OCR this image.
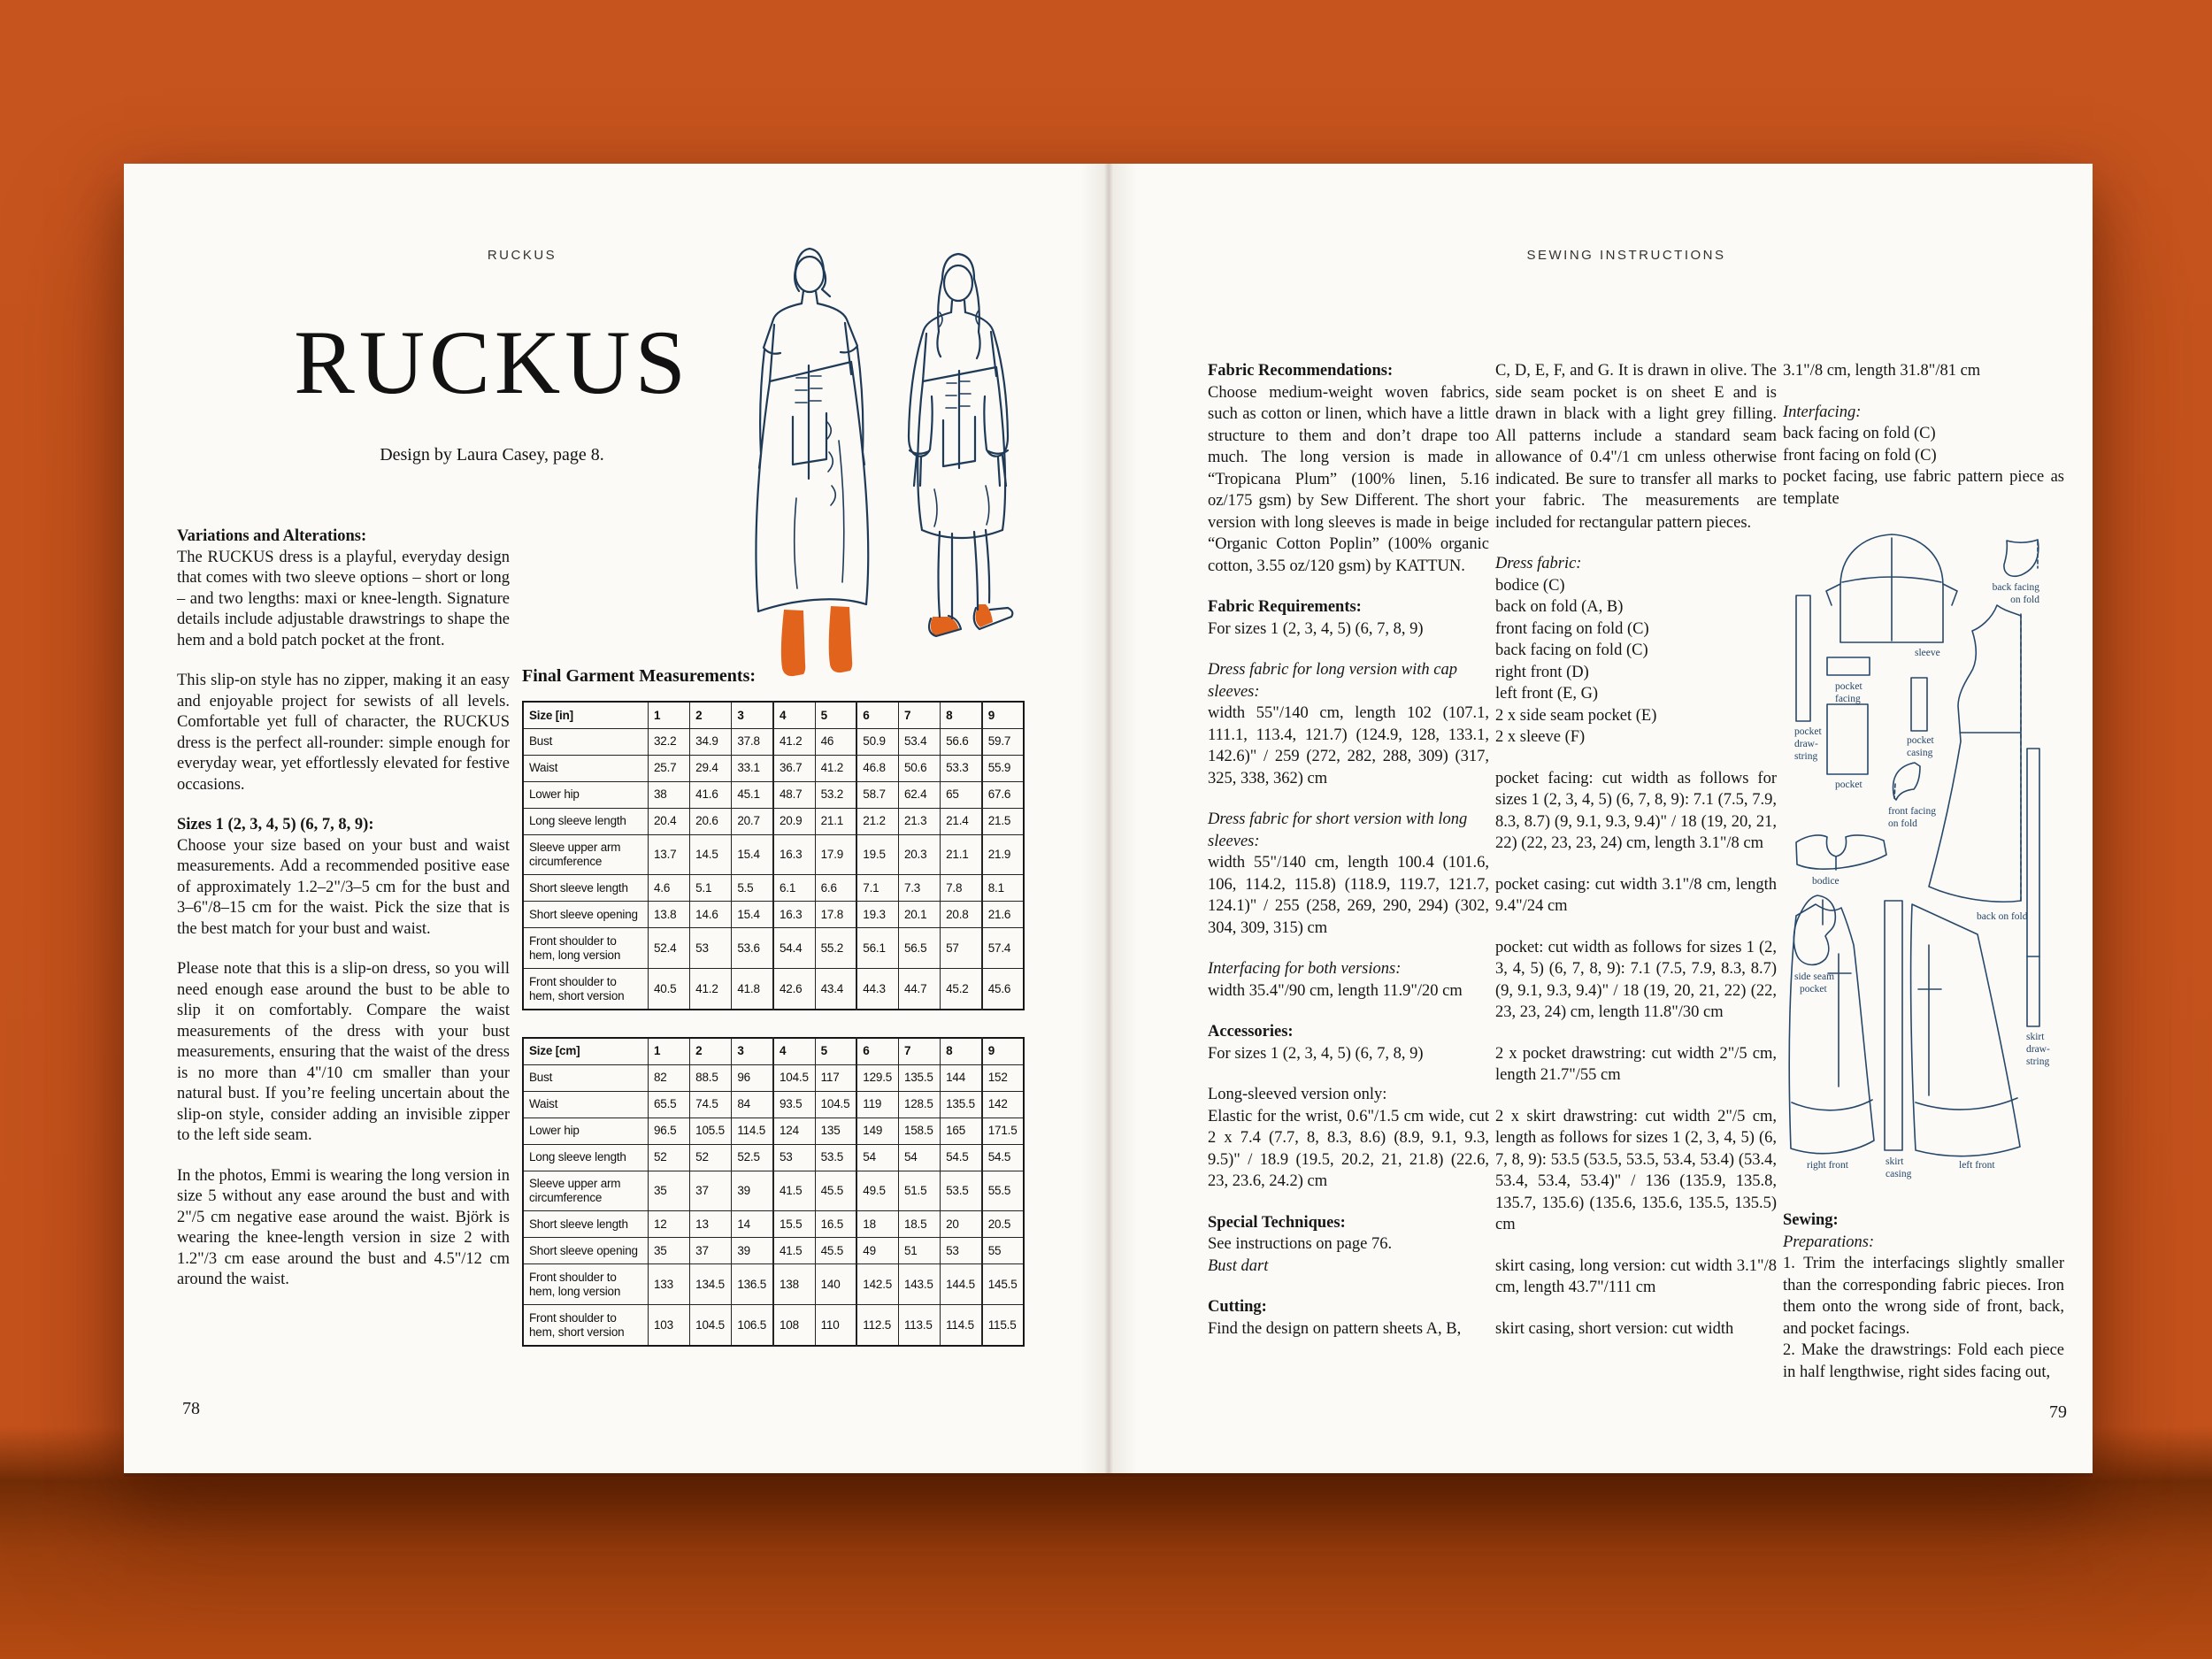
RUCKUS
RUCKUS
Design by Laura Casey, page 8.

Variations and Alterations:

The RUCKUS dress is a playful, everyday design that comes with two sleeve options – short or long – and two lengths: maxi or knee-length. Signature details include adjustable drawstrings to shape the hem and a bold patch pocket at the front.

This slip-on style has no zipper, making it an easy and enjoyable project for sewists of all levels. Comfortable yet full of character, the RUCKUS dress is the perfect all-rounder: simple enough for everyday wear, yet effortlessly elevated for festive occasions.

Sizes 1 (2, 3, 4, 5) (6, 7, 8, 9):

Choose your size based on your bust and waist measurements. Add a recommended positive ease of approximately 1.2–2"/3–5 cm for the bust and 3–6"/8–15 cm for the waist. Pick the size that is the best match for your bust and waist.

Please note that this is a slip-on dress, so you will need enough ease around the bust to be able to slip it on comfortably. Compare the waist measurements of the dress with your bust measurements, ensuring that the waist of the dress is no more than 4"/10 cm smaller than your natural bust. If you’re feeling uncertain about the slip-on style, consider adding an invisible zipper to the left side seam.

In the photos, Emmi is wearing the long version in size 5 without any ease around the bust and with 2"/5 cm negative ease around the waist. Björk is wearing the knee-length version in size 2 with 1.2"/3 cm ease around the bust and 4.5"/12 cm around the waist.

Final Garment Measurements:
Size [in]	1	2	3	4	5	6	7	8	9
Bust	32.2	34.9	37.8	41.2	46	50.9	53.4	56.6	59.7
Waist	25.7	29.4	33.1	36.7	41.2	46.8	50.6	53.3	55.9
Lower hip	38	41.6	45.1	48.7	53.2	58.7	62.4	65	67.6
Long sleeve length	20.4	20.6	20.7	20.9	21.1	21.2	21.3	21.4	21.5
Sleeve upper arm circumference	13.7	14.5	15.4	16.3	17.9	19.5	20.3	21.1	21.9
Short sleeve length	4.6	5.1	5.5	6.1	6.6	7.1	7.3	7.8	8.1
Short sleeve opening	13.8	14.6	15.4	16.3	17.8	19.3	20.1	20.8	21.6
Front shoulder to hem, long version	52.4	53	53.6	54.4	55.2	56.1	56.5	57	57.4
Front shoulder to hem, short version	40.5	41.2	41.8	42.6	43.4	44.3	44.7	45.2	45.6
Size [cm]	1	2	3	4	5	6	7	8	9
Bust	82	88.5	96	104.5	117	129.5	135.5	144	152
Waist	65.5	74.5	84	93.5	104.5	119	128.5	135.5	142
Lower hip	96.5	105.5	114.5	124	135	149	158.5	165	171.5
Long sleeve length	52	52	52.5	53	53.5	54	54	54.5	54.5
Sleeve upper arm circumference	35	37	39	41.5	45.5	49.5	51.5	53.5	55.5
Short sleeve length	12	13	14	15.5	16.5	18	18.5	20	20.5
Short sleeve opening	35	37	39	41.5	45.5	49	51	53	55
Front shoulder to hem, long version	133	134.5	136.5	138	140	142.5	143.5	144.5	145.5
Front shoulder to hem, short version	103	104.5	106.5	108	110	112.5	113.5	114.5	115.5
78
SEWING INSTRUCTIONS

Fabric Recommendations:

Choose medium-weight woven fabrics, such as cotton or linen, which have a little structure to them and don’t drape too much. The long version is made in “Tropicana Plum” (100% linen, 5.16 oz/175 gsm) by Sew Different. The short version with long sleeves is made in beige “Organic Cotton Poplin” (100% organic cotton, 3.55 oz/120 gsm) by KATTUN.

Fabric Requirements:

For sizes 1 (2, 3, 4, 5) (6, 7, 8, 9)

Dress fabric for long version with cap sleeves:

width 55"/140 cm, length 102 (107.1, 111.1, 113.4, 121.7) (124.9, 128, 133.1, 142.6)" / 259 (272, 282, 288, 309) (317, 325, 338, 362) cm

Dress fabric for short version with long sleeves:

width 55"/140 cm, length 100.4 (101.6, 106, 114.2, 115.8) (118.9, 119.7, 121.7, 124.1)" / 255 (258, 269, 290, 294) (302, 304, 309, 315) cm

Interfacing for both versions:

width 35.4"/90 cm, length 11.9"/20 cm

Accessories:

For sizes 1 (2, 3, 4, 5) (6, 7, 8, 9)

Long-sleeved version only:

Elastic for the wrist, 0.6"/1.5 cm wide, cut 2 x 7.4 (7.7, 8, 8.3, 8.6) (8.9, 9.1, 9.3, 9.5)" / 18.9 (19.5, 20.2, 21, 21.8) (22.6, 23, 23.6, 24.2) cm

Special Techniques:

See instructions on page 76.

Bust dart

Cutting:

Find the design on pattern sheets A, B,

C, D, E, F, and G. It is drawn in olive. The side seam pocket is on sheet E and is drawn in black with a light grey filling. All patterns include a standard seam allowance of 0.4"/1 cm unless otherwise indicated. Be sure to transfer all marks to your fabric. The measurements are included for rectangular pattern pieces.

Dress fabric:

bodice (C)

back on fold (A, B)

front facing on fold (C)

back facing on fold (C)

right front (D)

left front (E, G)

2 x side seam pocket (E)

2 x sleeve (F)

pocket facing: cut width as follows for sizes 1 (2, 3, 4, 5) (6, 7, 8, 9): 7.1 (7.5, 7.9, 8.3, 8.7) (9, 9.1, 9.3, 9.4)" / 18 (19, 20, 21, 22) (22, 23, 23, 24) cm, length 3.1"/8 cm

pocket casing: cut width 3.1"/8 cm, length 9.4"/24 cm

pocket: cut width as follows for sizes 1 (2, 3, 4, 5) (6, 7, 8, 9): 7.1 (7.5, 7.9, 8.3, 8.7) (9, 9.1, 9.3, 9.4)" / 18 (19, 20, 21, 22) (22, 23, 23, 24) cm, length 11.8"/30 cm

2 x pocket drawstring: cut width 2"/5 cm, length 21.7"/55 cm

2 x skirt drawstring: cut width 2"/5 cm, length as follows for sizes 1 (2, 3, 4, 5) (6, 7, 8, 9): 53.5 (53.5, 53.5, 53.4, 53.4) (53.4, 53.4, 53.4, 53.4)" / 136 (135.9, 135.8, 135.7, 135.6) (135.6, 135.6, 135.5, 135.5) cm

skirt casing, long version: cut width 3.1"/8 cm, length 43.7"/111 cm

skirt casing, short version: cut width

3.1"/8 cm, length 31.8"/81 cm

Interfacing:

back facing on fold (C)

front facing on fold (C)

pocket facing, use fabric pattern piece as template

sleeve
back facing
on fold
pocket
facing
pocket
draw-
string
pocket
pocket
casing
front facing
on fold
bodice
side seam
pocket
back on fold
skirt
draw-
string
right front	skirt
casing
left front

Sewing:

Preparations:

1. Trim the interfacings slightly smaller than the corresponding fabric pieces. Iron them onto the wrong side of front, back, and pocket facings.

2. Make the drawstrings: Fold each piece in half lengthwise, right sides facing out,

79
